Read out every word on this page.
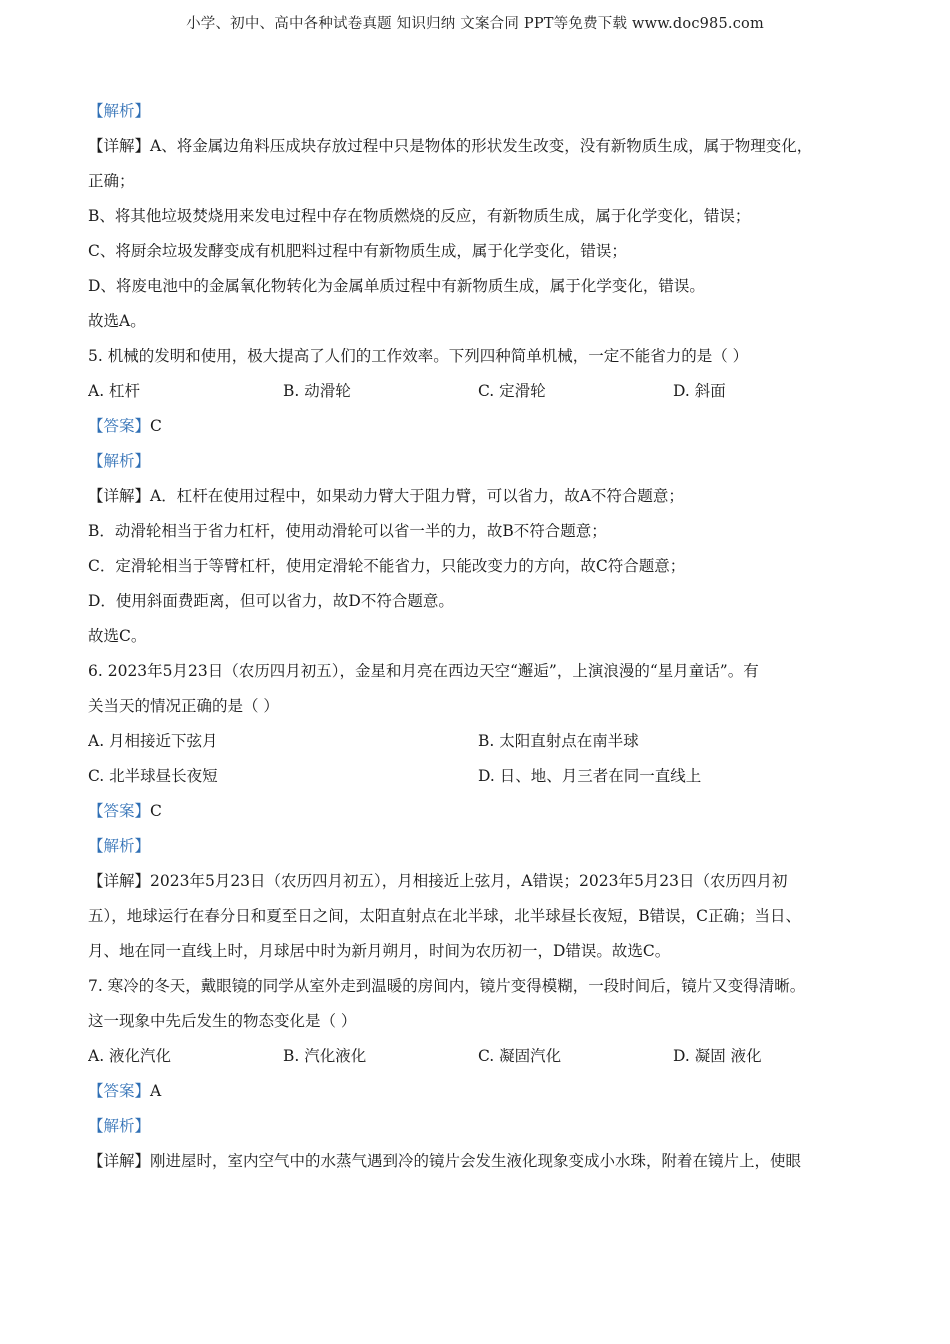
小学、初中、高中各种试卷真题 知识归纳 文案合同 PPT等免费下载 www.doc985.com
【解析】
【详解】A、将金属边角料压成块存放过程中只是物体的形状发生改变，没有新物质生成，属于物理变化，
正确；
B、将其他垃圾焚烧用来发电过程中存在物质燃烧的反应，有新物质生成，属于化学变化，错误；
C、将厨余垃圾发酵变成有机肥料过程中有新物质生成，属于化学变化，错误；
D、将废电池中的金属氧化物转化为金属单质过程中有新物质生成，属于化学变化，错误。
故选A。
5. 机械的发明和使用，极大提高了人们的工作效率。下列四种简单机械，一定不能省力的是（ ）
A. 杠杆	B. 动滑轮	C. 定滑轮	D. 斜面
【答案】C
【解析】
【详解】A．杠杆在使用过程中，如果动力臂大于阻力臂，可以省力，故A不符合题意；
B．动滑轮相当于省力杠杆，使用动滑轮可以省一半的力，故B不符合题意；
C．定滑轮相当于等臂杠杆，使用定滑轮不能省力，只能改变力的方向，故C符合题意；
D．使用斜面费距离，但可以省力，故D不符合题意。
故选C。
6. 2023年5月23日（农历四月初五），金星和月亮在西边天空“邂逅”，上演浪漫的“星月童话”。有
关当天的情况正确的是（ ）
A. 月相接近下弦月	B. 太阳直射点在南半球
C. 北半球昼长夜短	D. 日、地、月三者在同一直线上
【答案】C
【解析】
【详解】2023年5月23日（农历四月初五），月相接近上弦月，A错误；2023年5月23日（农历四月初
五），地球运行在春分日和夏至日之间，太阳直射点在北半球，北半球昼长夜短，B错误，C正确；当日、
月、地在同一直线上时，月球居中时为新月朔月，时间为农历初一，D错误。故选C。
7. 寒冷的冬天，戴眼镜的同学从室外走到温暖的房间内，镜片变得模糊，一段时间后，镜片又变得清晰。
这一现象中先后发生的物态变化是（ ）
A. 液化汽化	B. 汽化液化	C. 凝固汽化	D. 凝固 液化
【答案】A
【解析】
【详解】刚进屋时，室内空气中的水蒸气遇到冷的镜片会发生液化现象变成小水珠，附着在镜片上，使眼
